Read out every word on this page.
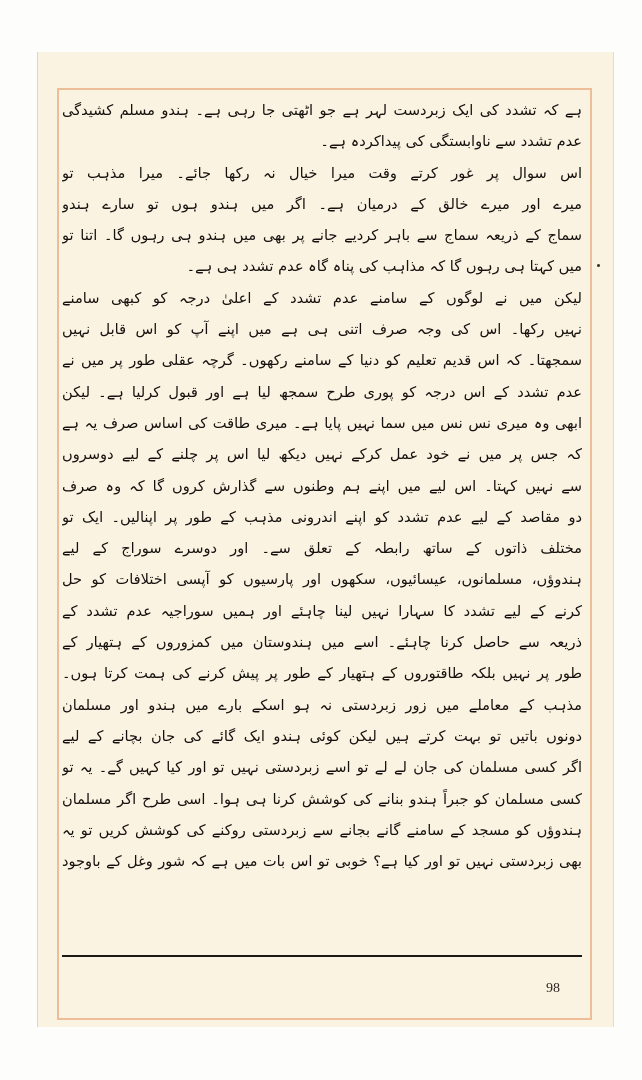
ہے کہ تشدد کی ایک زبردست لہر ہے جو اٹھتی جا رہی ہے۔ ہندو مسلم کشیدگی
عدم تشدد سے ناوابستگی کی پیداکردہ ہے۔
اس سوال پر غور کرتے وقت میرا خیال نہ رکھا جائے۔ میرا مذہب تو
میرے اور میرے خالق کے درمیان ہے۔ اگر میں ہندو ہوں تو سارے ہندو
سماج کے ذریعہ سماج سے باہر کردیے جانے پر بھی میں ہندو ہی رہوں گا۔ اتنا تو
میں کہتا ہی رہوں گا کہ مذاہب کی پناہ گاہ عدم تشدد ہی ہے۔
لیکن میں نے لوگوں کے سامنے عدم تشدد کے اعلیٰ درجہ کو کبھی سامنے
نہیں رکھا۔ اس کی وجہ صرف اتنی ہی ہے میں اپنے آپ کو اس قابل نہیں
سمجھتا۔ کہ اس قدیم تعلیم کو دنیا کے سامنے رکھوں۔ گرچہ عقلی طور پر میں نے
عدم تشدد کے اس درجہ کو پوری طرح سمجھ لیا ہے اور قبول کرلیا ہے۔ لیکن
ابھی وہ میری نس نس میں سما نہیں پایا ہے۔ میری طاقت کی اساس صرف یہ ہے
کہ جس پر میں نے خود عمل کرکے نہیں دیکھ لیا اس پر چلنے کے لیے دوسروں
سے نہیں کہتا۔ اس لیے میں اپنے ہم وطنوں سے گذارش کروں گا کہ وہ صرف
دو مقاصد کے لیے عدم تشدد کو اپنے اندرونی مذہب کے طور پر اپنالیں۔ ایک تو
مختلف ذاتوں کے ساتھ رابطہ کے تعلق سے۔ اور دوسرے سوراج کے لیے
ہندوؤں، مسلمانوں، عیسائیوں، سکھوں اور پارسیوں کو آپسی اختلافات کو حل
کرنے کے لیے تشدد کا سہارا نہیں لینا چاہئے اور ہمیں سوراجیہ عدم تشدد کے
ذریعہ سے حاصل کرنا چاہئے۔ اسے میں ہندوستان میں کمزوروں کے ہتھیار کے
طور پر نہیں بلکہ طاقتوروں کے ہتھیار کے طور پر پیش کرنے کی ہمت کرتا ہوں۔
مذہب کے معاملے میں زور زبردستی نہ ہو اسکے بارے میں ہندو اور مسلمان
دونوں باتیں تو بہت کرتے ہیں لیکن کوئی ہندو ایک گائے کی جان بچانے کے لیے
اگر کسی مسلمان کی جان لے لے تو اسے زبردستی نہیں تو اور کیا کہیں گے۔ یہ تو
کسی مسلمان کو جبراً ہندو بنانے کی کوشش کرنا ہی ہوا۔ اسی طرح اگر مسلمان
ہندوؤں کو مسجد کے سامنے گانے بجانے سے زبردستی روکنے کی کوشش کریں تو یہ
بھی زبردستی نہیں تو اور کیا ہے؟ خوبی تو اس بات میں ہے کہ شور وغل کے باوجود
98
